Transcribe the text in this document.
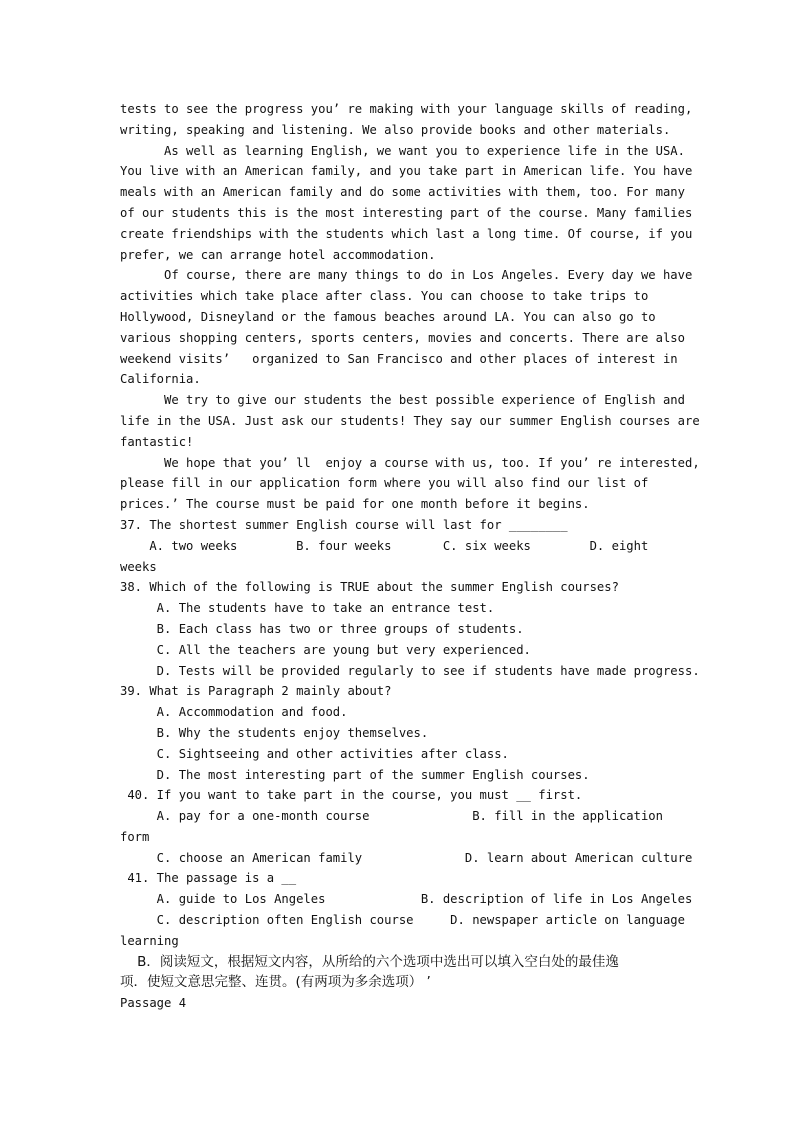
tests to see the progress you’ re making with your language skills of reading,
writing, speaking and listening. We also provide books and other materials.
As well as learning English, we want you to experience life in the USA.
You live with an American family, and you take part in American life. You have
meals with an American family and do some activities with them, too. For many
of our students this is the most interesting part of the course. Many families
create friendships with the students which last a long time. Of course, if you
prefer, we can arrange hotel accommodation.
Of course, there are many things to do in Los Angeles. Every day we have
activities which take place after class. You can choose to take trips to
Hollywood, Disneyland or the famous beaches around LA. You can also go to
various shopping centers, sports centers, movies and concerts. There are also
weekend visits’   organized to San Francisco and other places of interest in
California.
We try to give our students the best possible experience of English and
life in the USA. Just ask our students! They say our summer English courses are
fantastic!
We hope that you’ ll  enjoy a course with us, too. If you’ re interested,
please fill in our application form where you will also find our list of
prices.’ The course must be paid for one month before it begins.
37. The shortest summer English course will last for ________
A. two weeks        B. four weeks       C. six weeks        D. eight
weeks
38. Which of the following is TRUE about the summer English courses?
A. The students have to take an entrance test.
B. Each class has two or three groups of students.
C. All the teachers are young but very experienced.
D. Tests will be provided regularly to see if students have made progress.
39. What is Paragraph 2 mainly about?
A. Accommodation and food.
B. Why the students enjoy themselves.
C. Sightseeing and other activities after class.
D. The most interesting part of the summer English courses.
40. If you want to take part in the course, you must __ first.
A. pay for a one-month course              B. fill in the application
form
C. choose an American family              D. learn about American culture
41. The passage is a __
A. guide to Los Angeles             B. description of life in Los Angeles
C. description often English course     D. newspaper article on language
learning
B．阅读短文，根据短文内容，从所给的六个选项中选出可以填入空白处的最佳逸
项．使短文意思完整、连贯。(有两项为多余选项） ’
Passage 4
